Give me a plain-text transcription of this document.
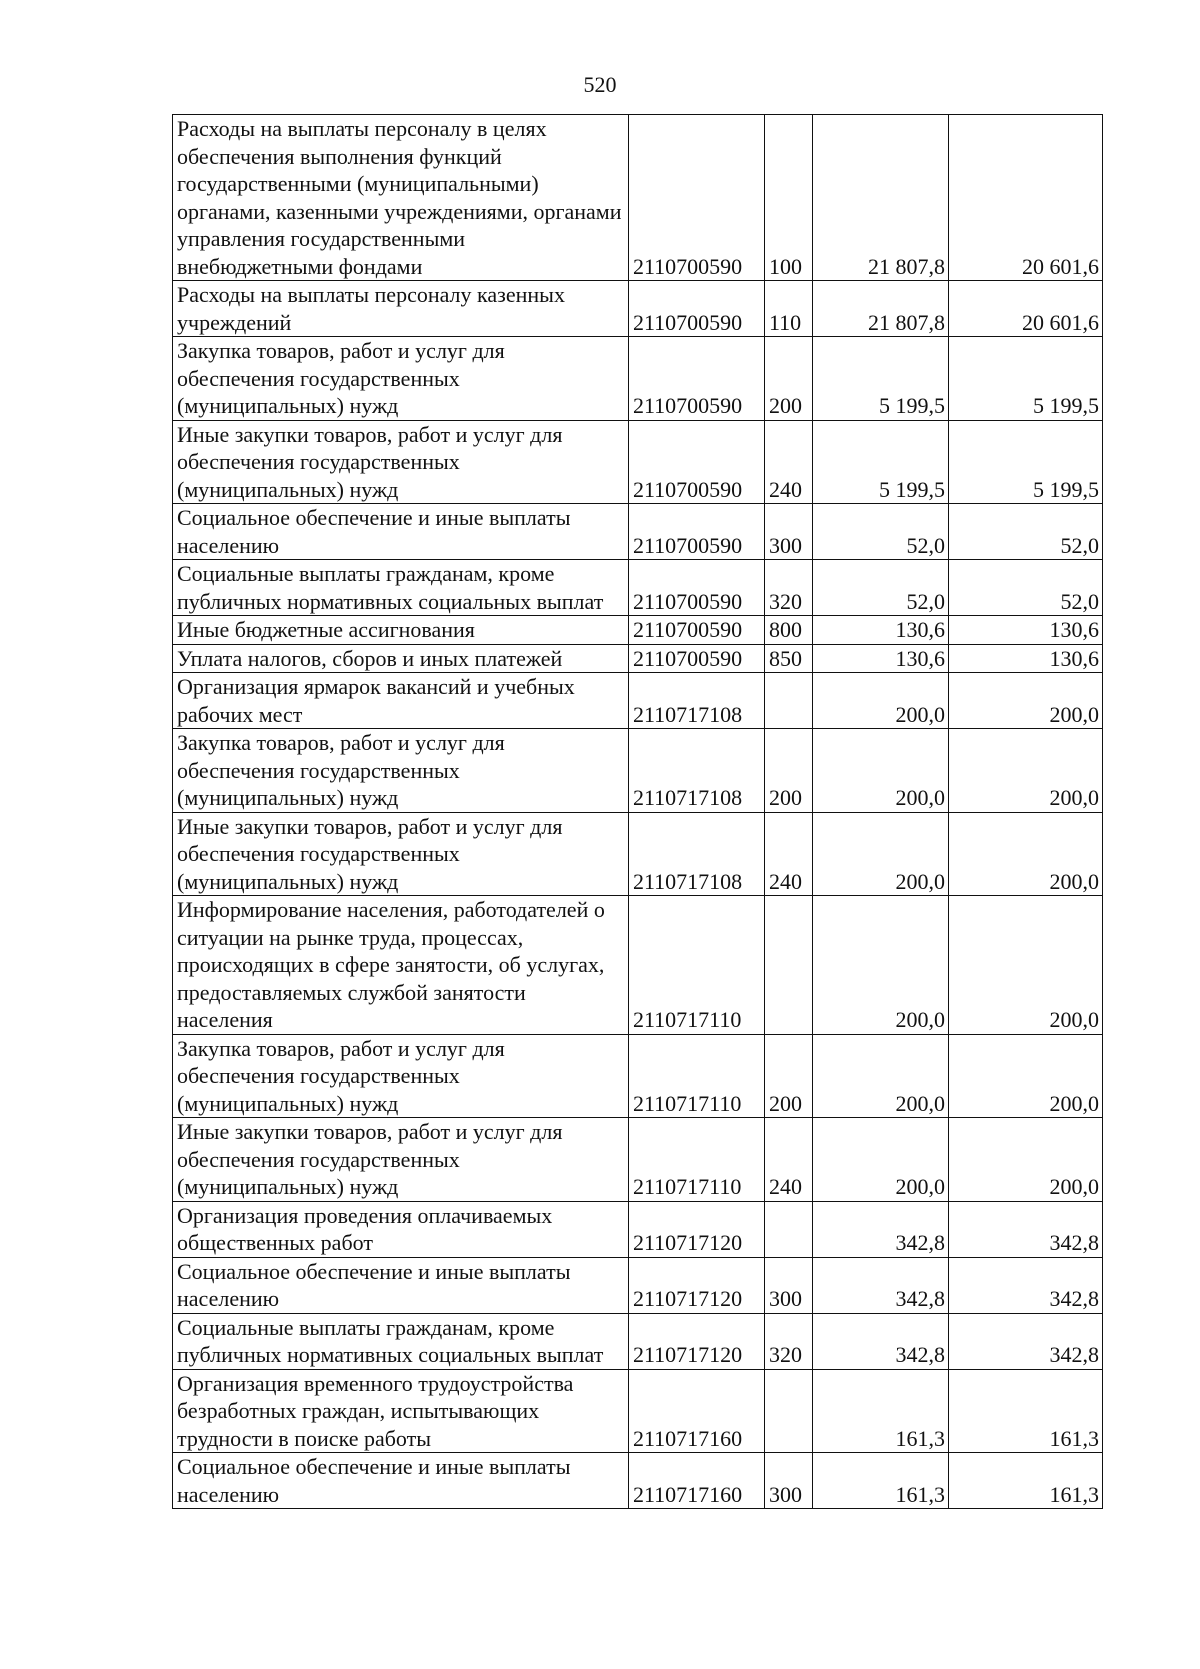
520
Расходы на выплаты персоналу в целях обеспечения выполнения функций государственными (муниципальными) органами, казенными учреждениями, органами управления государственными внебюджетными фондами	2110700590	100	21 807,8	20 601,6
Расходы на выплаты персоналу казенных учреждений	2110700590	110	21 807,8	20 601,6
Закупка товаров, работ и услуг для обеспечения государственных (муниципальных) нужд	2110700590	200	5 199,5	5 199,5
Иные закупки товаров, работ и услуг для обеспечения государственных (муниципальных) нужд	2110700590	240	5 199,5	5 199,5
Социальное обеспечение и иные выплаты населению	2110700590	300	52,0	52,0
Социальные выплаты гражданам, кроме публичных нормативных социальных выплат	2110700590	320	52,0	52,0
Иные бюджетные ассигнования	2110700590	800	130,6	130,6
Уплата налогов, сборов и иных платежей	2110700590	850	130,6	130,6
Организация ярмарок вакансий и учебных рабочих мест	2110717108		200,0	200,0
Закупка товаров, работ и услуг для обеспечения государственных (муниципальных) нужд	2110717108	200	200,0	200,0
Иные закупки товаров, работ и услуг для обеспечения государственных (муниципальных) нужд	2110717108	240	200,0	200,0
Информирование населения, работодателей о ситуации на рынке труда, процессах, происходящих в сфере занятости, об услугах, предоставляемых службой занятости населения	2110717110		200,0	200,0
Закупка товаров, работ и услуг для обеспечения государственных (муниципальных) нужд	2110717110	200	200,0	200,0
Иные закупки товаров, работ и услуг для обеспечения государственных (муниципальных) нужд	2110717110	240	200,0	200,0
Организация проведения оплачиваемых общественных работ	2110717120		342,8	342,8
Социальное обеспечение и иные выплаты населению	2110717120	300	342,8	342,8
Социальные выплаты гражданам, кроме публичных нормативных социальных выплат	2110717120	320	342,8	342,8
Организация временного трудоустройства безработных граждан, испытывающих трудности в поиске работы	2110717160		161,3	161,3
Социальное обеспечение и иные выплаты населению	2110717160	300	161,3	161,3
